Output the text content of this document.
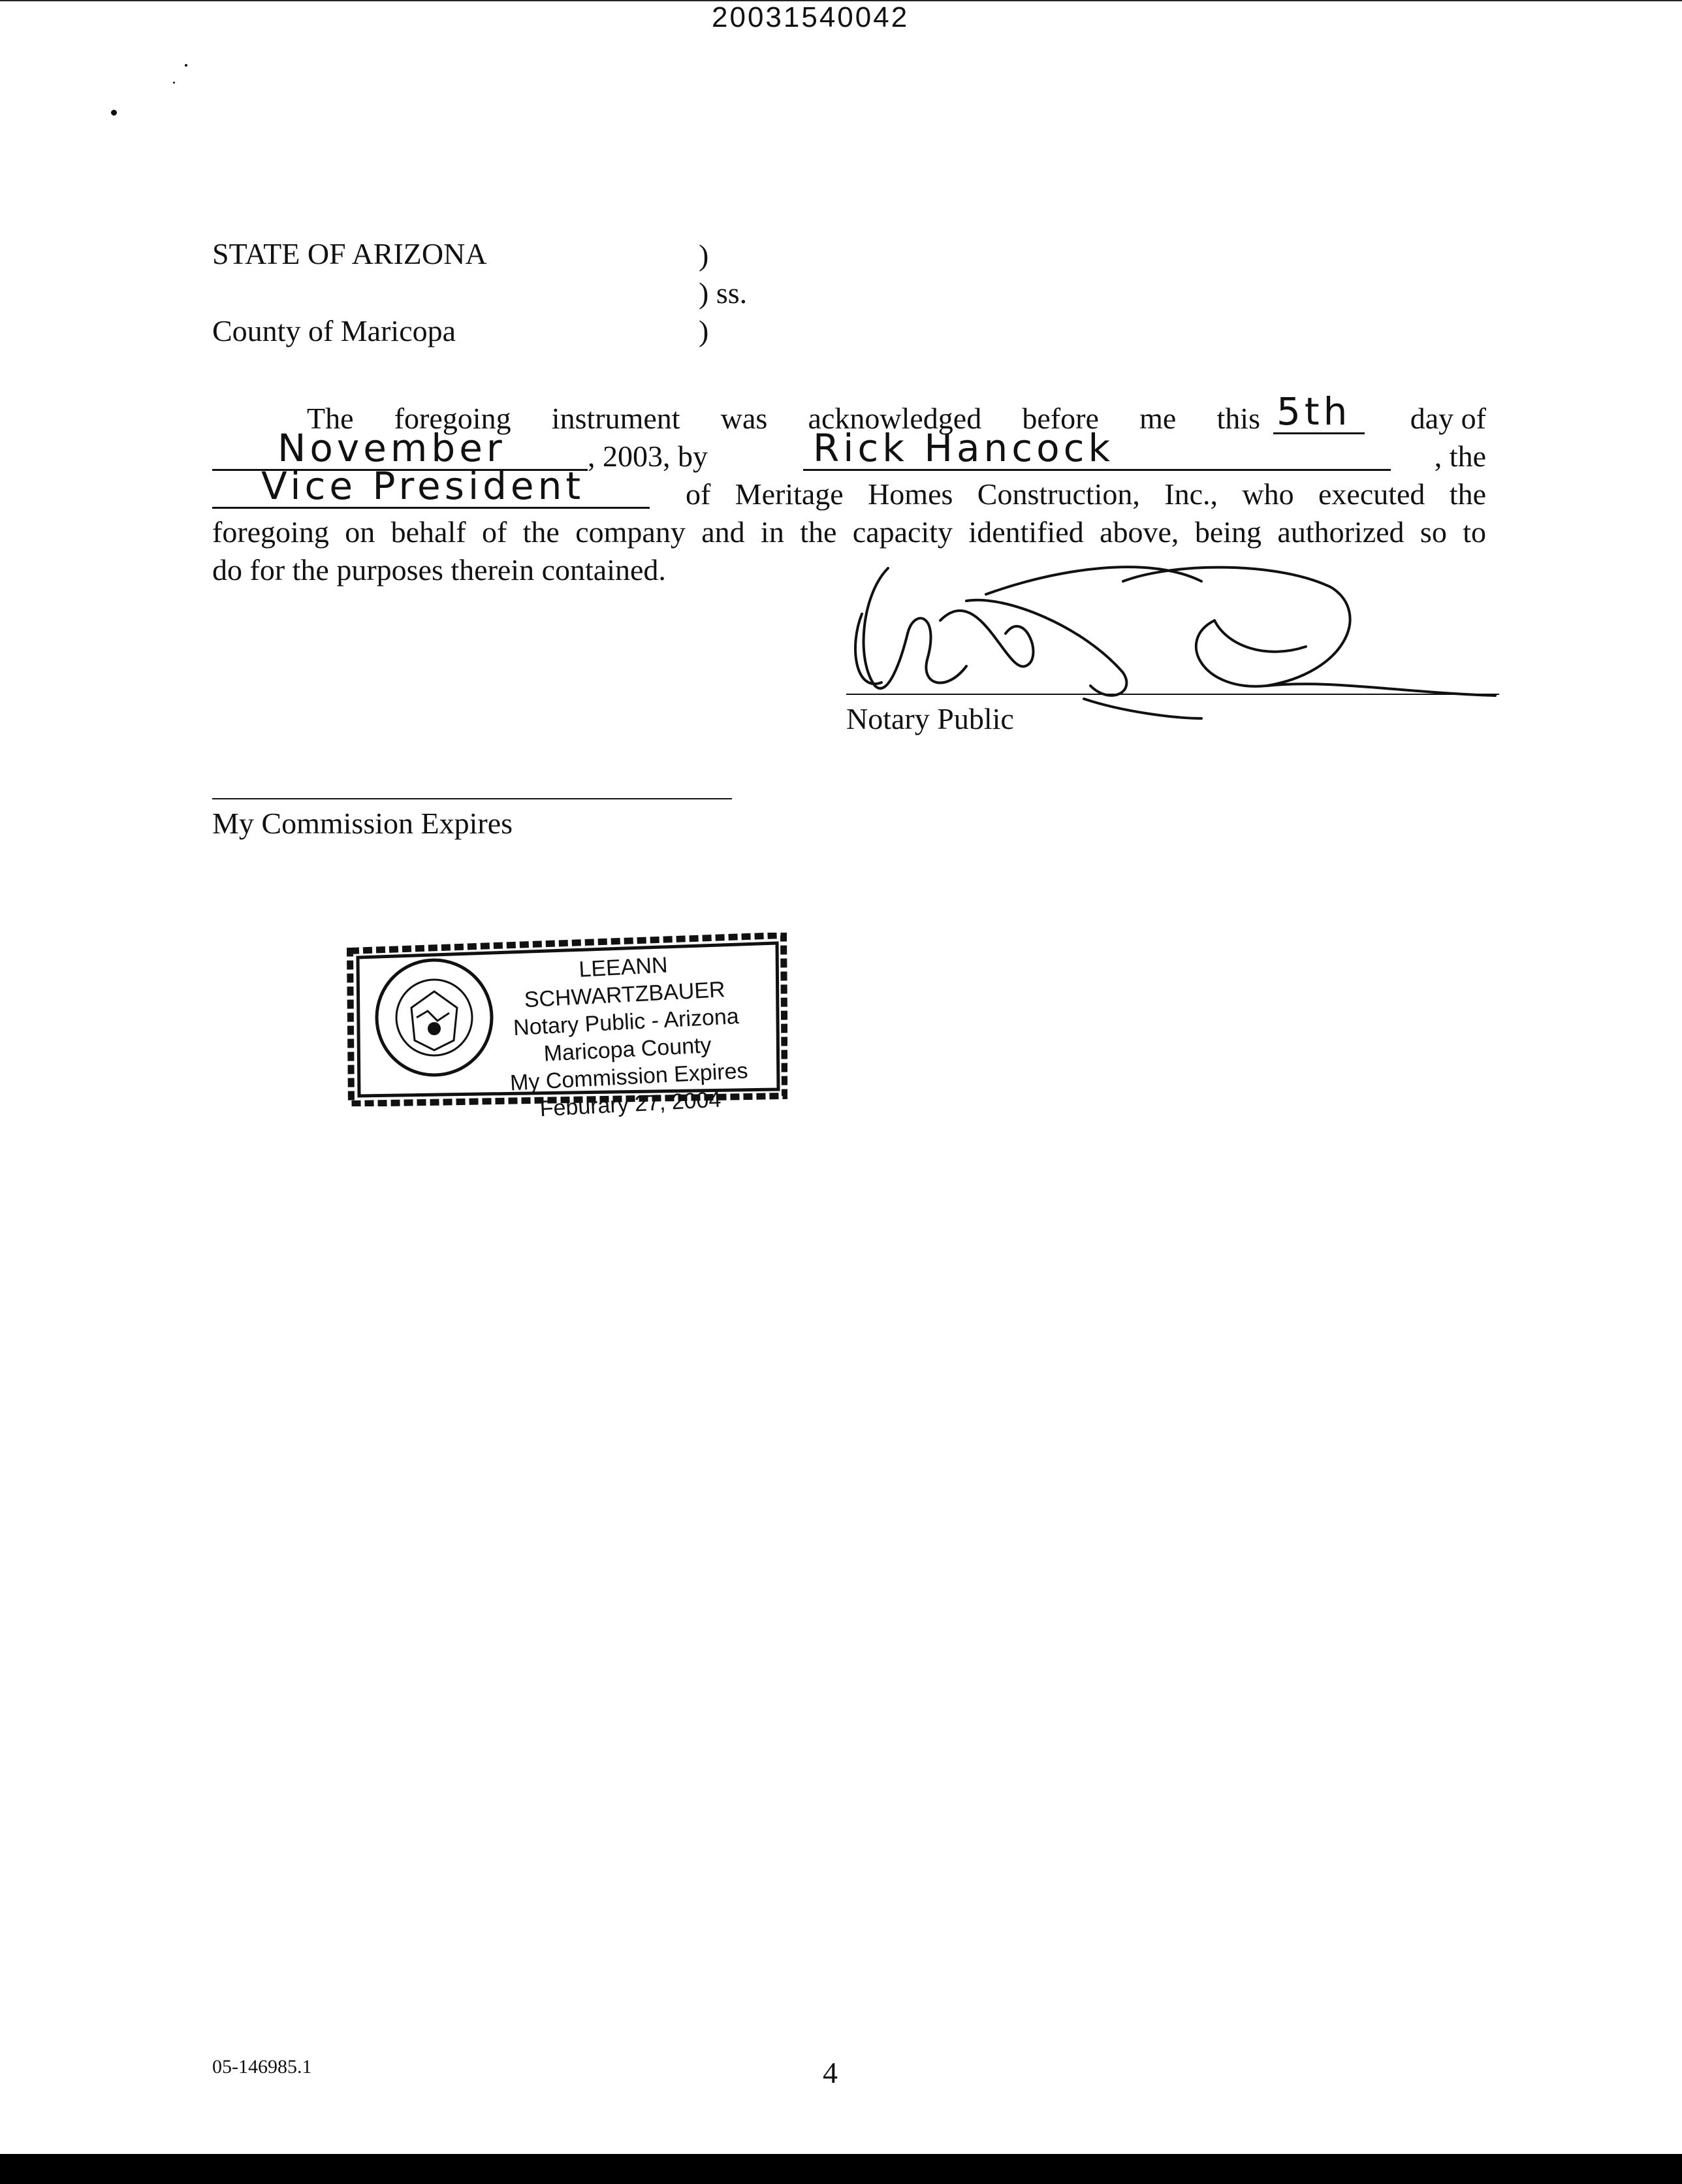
20031540042
STATE OF ARIZONA	)
) ss.
County of Maricopa	)
The foregoing instrument was acknowledged before me this 5th	day of
November	, 2003, by	Rick Hancock	, the
Vice President	of Meritage Homes Construction, Inc., who executed the
foregoing on behalf of the company and in the capacity identified above, being authorized so to
do for the purposes therein contained.
Notary Public
My Commission Expires
LEEANN SCHWARTZBAUER
Notary Public - Arizona
Maricopa County
My Commission Expires
Feburary 27, 2004
05-146985.1	4
